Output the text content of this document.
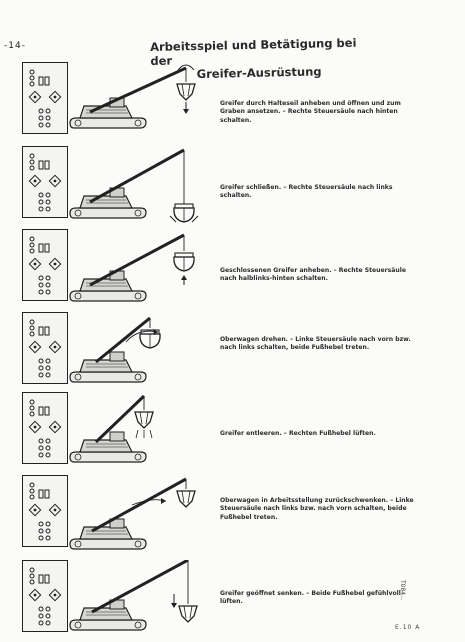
-14-	Arbeitsspiel und Betätigung bei der
Greifer-Ausrüstung
Greifer durch Halteseil anheben und öffnen und zum Graben ansetzen. – Rechte Steuersäule nach hinten schalten.
Greifer schließen. – Rechte Steuersäule nach links schalten.
Geschlossenen Greifer anheben. – Rechte Steuersäule nach halblinks-hinten schalten.
Oberwagen drehen. – Linke Steuersäule nach vorn bzw. nach links schalten, beide Fußhebel treten.
Greifer entleeren. – Rechten Fußhebel lüften.
Oberwagen in Arbeitsstellung zurückschwenken. – Linke Steuersäule nach links bzw. nach vorn schalten, beide Fußhebel treten.
Greifer geöffnet senken. – Beide Fußhebel gefühlvoll lüften.
T084...
E.10 A
